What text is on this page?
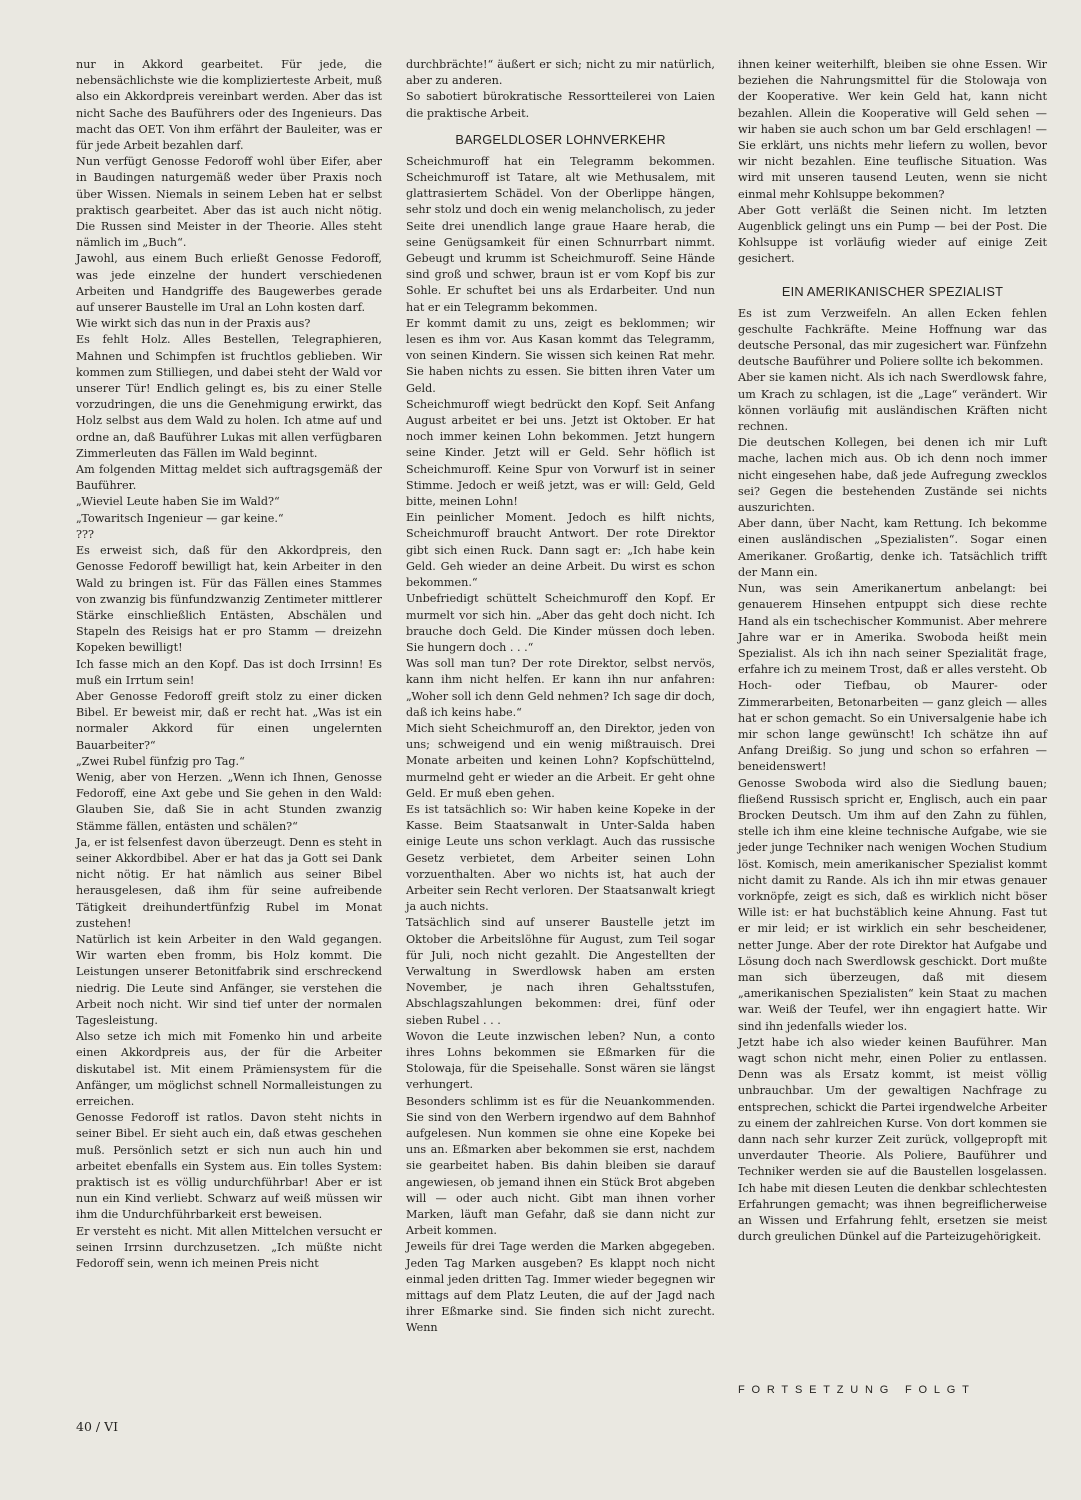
nur in Akkord gearbeitet. Für jede, die nebensächlichste wie die komplizierteste Arbeit, muß also ein Akkordpreis vereinbart werden. Aber das ist nicht Sache des Bauführers oder des Ingenieurs. Das macht das OET. Von ihm erfährt der Bauleiter, was er für jede Arbeit bezahlen darf.

Nun verfügt Genosse Fedoroff wohl über Eifer, aber in Baudingen naturgemäß weder über Praxis noch über Wissen. Niemals in seinem Leben hat er selbst praktisch gearbeitet. Aber das ist auch nicht nötig. Die Russen sind Meister in der Theorie. Alles steht nämlich im „Buch“.

Jawohl, aus einem Buch erließt Genosse Fedoroff, was jede einzelne der hundert verschiedenen Arbeiten und Handgriffe des Baugewerbes gerade auf unserer Baustelle im Ural an Lohn kosten darf.

Wie wirkt sich das nun in der Praxis aus?

Es fehlt Holz. Alles Bestellen, Telegraphieren, Mahnen und Schimpfen ist fruchtlos geblieben. Wir kommen zum Stilliegen, und dabei steht der Wald vor unserer Tür! Endlich gelingt es, bis zu einer Stelle vorzudringen, die uns die Genehmigung erwirkt, das Holz selbst aus dem Wald zu holen. Ich atme auf und ordne an, daß Bauführer Lukas mit allen verfügbaren Zimmerleuten das Fällen im Wald beginnt.

Am folgenden Mittag meldet sich auftragsgemäß der Bauführer.

„Wieviel Leute haben Sie im Wald?“

„Towaritsch Ingenieur — gar keine.“

???

Es erweist sich, daß für den Akkordpreis, den Genosse Fedoroff bewilligt hat, kein Arbeiter in den Wald zu bringen ist. Für das Fällen eines Stammes von zwanzig bis fünfundzwanzig Zentimeter mittlerer Stärke einschließlich Entästen, Abschälen und Stapeln des Reisigs hat er pro Stamm — dreizehn Kopeken bewilligt!

Ich fasse mich an den Kopf. Das ist doch Irrsinn! Es muß ein Irrtum sein!

Aber Genosse Fedoroff greift stolz zu einer dicken Bibel. Er beweist mir, daß er recht hat. „Was ist ein normaler Akkord für einen ungelernten Bauarbeiter?“

„Zwei Rubel fünfzig pro Tag.“

Wenig, aber von Herzen. „Wenn ich Ihnen, Genosse Fedoroff, eine Axt gebe und Sie gehen in den Wald: Glauben Sie, daß Sie in acht Stunden zwanzig Stämme fällen, entästen und schälen?“

Ja, er ist felsenfest davon überzeugt. Denn es steht in seiner Akkordbibel. Aber er hat das ja Gott sei Dank nicht nötig. Er hat nämlich aus seiner Bibel herausgelesen, daß ihm für seine aufreibende Tätigkeit dreihundertfünfzig Rubel im Monat zustehen!

Natürlich ist kein Arbeiter in den Wald gegangen. Wir warten eben fromm, bis Holz kommt. Die Leistungen unserer Betonitfabrik sind erschreckend niedrig. Die Leute sind Anfänger, sie verstehen die Arbeit noch nicht. Wir sind tief unter der normalen Tagesleistung.

Also setze ich mich mit Fomenko hin und arbeite einen Akkordpreis aus, der für die Arbeiter diskutabel ist. Mit einem Prämiensystem für die Anfänger, um möglichst schnell Normalleistungen zu erreichen.

Genosse Fedoroff ist ratlos. Davon steht nichts in seiner Bibel. Er sieht auch ein, daß etwas geschehen muß. Persönlich setzt er sich nun auch hin und arbeitet ebenfalls ein System aus. Ein tolles System: praktisch ist es völlig undurchführbar! Aber er ist nun ein Kind verliebt. Schwarz auf weiß müssen wir ihm die Undurchführbarkeit erst beweisen.

Er versteht es nicht. Mit allen Mittelchen versucht er seinen Irrsinn durchzusetzen. „Ich müßte nicht Fedoroff sein, wenn ich meinen Preis nicht

durchbrächte!“ äußert er sich; nicht zu mir natürlich, aber zu anderen.

So sabotiert bürokratische Ressortteilerei von Laien die praktische Arbeit.

BARGELDLOSER LOHNVERKEHR

Scheichmuroff hat ein Telegramm bekommen. Scheichmuroff ist Tatare, alt wie Methusalem, mit glattrasiertem Schädel. Von der Oberlippe hängen, sehr stolz und doch ein wenig melancholisch, zu jeder Seite drei unendlich lange graue Haare herab, die seine Genügsamkeit für einen Schnurrbart nimmt. Gebeugt und krumm ist Scheichmuroff. Seine Hände sind groß und schwer, braun ist er vom Kopf bis zur Sohle. Er schuftet bei uns als Erdarbeiter. Und nun hat er ein Telegramm bekommen.

Er kommt damit zu uns, zeigt es beklommen; wir lesen es ihm vor. Aus Kasan kommt das Telegramm, von seinen Kindern. Sie wissen sich keinen Rat mehr. Sie haben nichts zu essen. Sie bitten ihren Vater um Geld.

Scheichmuroff wiegt bedrückt den Kopf. Seit Anfang August arbeitet er bei uns. Jetzt ist Oktober. Er hat noch immer keinen Lohn bekommen. Jetzt hungern seine Kinder. Jetzt will er Geld. Sehr höflich ist Scheichmuroff. Keine Spur von Vorwurf ist in seiner Stimme. Jedoch er weiß jetzt, was er will: Geld, Geld bitte, meinen Lohn!

Ein peinlicher Moment. Jedoch es hilft nichts, Scheichmuroff braucht Antwort. Der rote Direktor gibt sich einen Ruck. Dann sagt er: „Ich habe kein Geld. Geh wieder an deine Arbeit. Du wirst es schon bekommen.“

Unbefriedigt schüttelt Scheichmuroff den Kopf. Er murmelt vor sich hin. „Aber das geht doch nicht. Ich brauche doch Geld. Die Kinder müssen doch leben. Sie hungern doch . . .“

Was soll man tun? Der rote Direktor, selbst nervös, kann ihm nicht helfen. Er kann ihn nur anfahren: „Woher soll ich denn Geld nehmen? Ich sage dir doch, daß ich keins habe.“

Mich sieht Scheichmuroff an, den Direktor, jeden von uns; schweigend und ein wenig mißtrauisch. Drei Monate arbeiten und keinen Lohn? Kopfschüttelnd, murmelnd geht er wieder an die Arbeit. Er geht ohne Geld. Er muß eben gehen.

Es ist tatsächlich so: Wir haben keine Kopeke in der Kasse. Beim Staatsanwalt in Unter-Salda haben einige Leute uns schon verklagt. Auch das russische Gesetz verbietet, dem Arbeiter seinen Lohn vorzuenthalten. Aber wo nichts ist, hat auch der Arbeiter sein Recht verloren. Der Staatsanwalt kriegt ja auch nichts.

Tatsächlich sind auf unserer Baustelle jetzt im Oktober die Arbeitslöhne für August, zum Teil sogar für Juli, noch nicht gezahlt. Die Angestellten der Verwaltung in Swerdlowsk haben am ersten November, je nach ihren Gehaltsstufen, Abschlagszahlungen bekommen: drei, fünf oder sieben Rubel . . .

Wovon die Leute inzwischen leben? Nun, a conto ihres Lohns bekommen sie Eßmarken für die Stolowaja, für die Speisehalle. Sonst wären sie längst verhungert.

Besonders schlimm ist es für die Neuankommenden. Sie sind von den Werbern irgendwo auf dem Bahnhof aufgelesen. Nun kommen sie ohne eine Kopeke bei uns an. Eßmarken aber bekommen sie erst, nachdem sie gearbeitet haben. Bis dahin bleiben sie darauf angewiesen, ob jemand ihnen ein Stück Brot abgeben will — oder auch nicht. Gibt man ihnen vorher Marken, läuft man Gefahr, daß sie dann nicht zur Arbeit kommen.

Jeweils für drei Tage werden die Marken abgegeben. Jeden Tag Marken ausgeben? Es klappt noch nicht einmal jeden dritten Tag. Immer wieder begegnen wir mittags auf dem Platz Leuten, die auf der Jagd nach ihrer Eßmarke sind. Sie finden sich nicht zurecht. Wenn

ihnen keiner weiterhilft, bleiben sie ohne Essen. Wir beziehen die Nahrungsmittel für die Stolowaja von der Kooperative. Wer kein Geld hat, kann nicht bezahlen. Allein die Kooperative will Geld sehen — wir haben sie auch schon um bar Geld erschlagen! — Sie erklärt, uns nichts mehr liefern zu wollen, bevor wir nicht bezahlen. Eine teuflische Situation. Was wird mit unseren tausend Leuten, wenn sie nicht einmal mehr Kohlsuppe bekommen?

Aber Gott verläßt die Seinen nicht. Im letzten Augenblick gelingt uns ein Pump — bei der Post. Die Kohlsuppe ist vorläufig wieder auf einige Zeit gesichert.

EIN AMERIKANISCHER SPEZIALIST

Es ist zum Verzweifeln. An allen Ecken fehlen geschulte Fachkräfte. Meine Hoffnung war das deutsche Personal, das mir zugesichert war. Fünfzehn deutsche Bauführer und Poliere sollte ich bekommen.

Aber sie kamen nicht. Als ich nach Swerdlowsk fahre, um Krach zu schlagen, ist die „Lage“ verändert. Wir können vorläufig mit ausländischen Kräften nicht rechnen.

Die deutschen Kollegen, bei denen ich mir Luft mache, lachen mich aus. Ob ich denn noch immer nicht eingesehen habe, daß jede Aufregung zwecklos sei? Gegen die bestehenden Zustände sei nichts auszurichten.

Aber dann, über Nacht, kam Rettung. Ich bekomme einen ausländischen „Spezialisten“. Sogar einen Amerikaner. Großartig, denke ich. Tatsächlich trifft der Mann ein.

Nun, was sein Amerikanertum anbelangt: bei genauerem Hinsehen entpuppt sich diese rechte Hand als ein tschechischer Kommunist. Aber mehrere Jahre war er in Amerika. Swoboda heißt mein Spezialist. Als ich ihn nach seiner Spezialität frage, erfahre ich zu meinem Trost, daß er alles versteht. Ob Hoch- oder Tiefbau, ob Maurer- oder Zimmerarbeiten, Betonarbeiten — ganz gleich — alles hat er schon gemacht. So ein Universalgenie habe ich mir schon lange gewünscht! Ich schätze ihn auf Anfang Dreißig. So jung und schon so erfahren — beneidenswert!

Genosse Swoboda wird also die Siedlung bauen; fließend Russisch spricht er, Englisch, auch ein paar Brocken Deutsch. Um ihm auf den Zahn zu fühlen, stelle ich ihm eine kleine technische Aufgabe, wie sie jeder junge Techniker nach wenigen Wochen Studium löst. Komisch, mein amerikanischer Spezialist kommt nicht damit zu Rande. Als ich ihn mir etwas genauer vorknöpfe, zeigt es sich, daß es wirklich nicht böser Wille ist: er hat buchstäblich keine Ahnung. Fast tut er mir leid; er ist wirklich ein sehr bescheidener, netter Junge. Aber der rote Direktor hat Aufgabe und Lösung doch nach Swerdlowsk geschickt. Dort mußte man sich überzeugen, daß mit diesem „amerikanischen Spezialisten“ kein Staat zu machen war. Weiß der Teufel, wer ihn engagiert hatte. Wir sind ihn jedenfalls wieder los.

Jetzt habe ich also wieder keinen Bauführer. Man wagt schon nicht mehr, einen Polier zu entlassen. Denn was als Ersatz kommt, ist meist völlig unbrauchbar. Um der gewaltigen Nachfrage zu entsprechen, schickt die Partei irgendwelche Arbeiter zu einem der zahlreichen Kurse. Von dort kommen sie dann nach sehr kurzer Zeit zurück, vollgepropft mit unverdauter Theorie. Als Poliere, Bauführer und Techniker werden sie auf die Baustellen losgelassen. Ich habe mit diesen Leuten die denkbar schlechtesten Erfahrungen gemacht; was ihnen begreiflicherweise an Wissen und Erfahrung fehlt, ersetzen sie meist durch greulichen Dünkel auf die Parteizugehörigkeit.

FORTSETZUNG FOLGT
40 / VI
